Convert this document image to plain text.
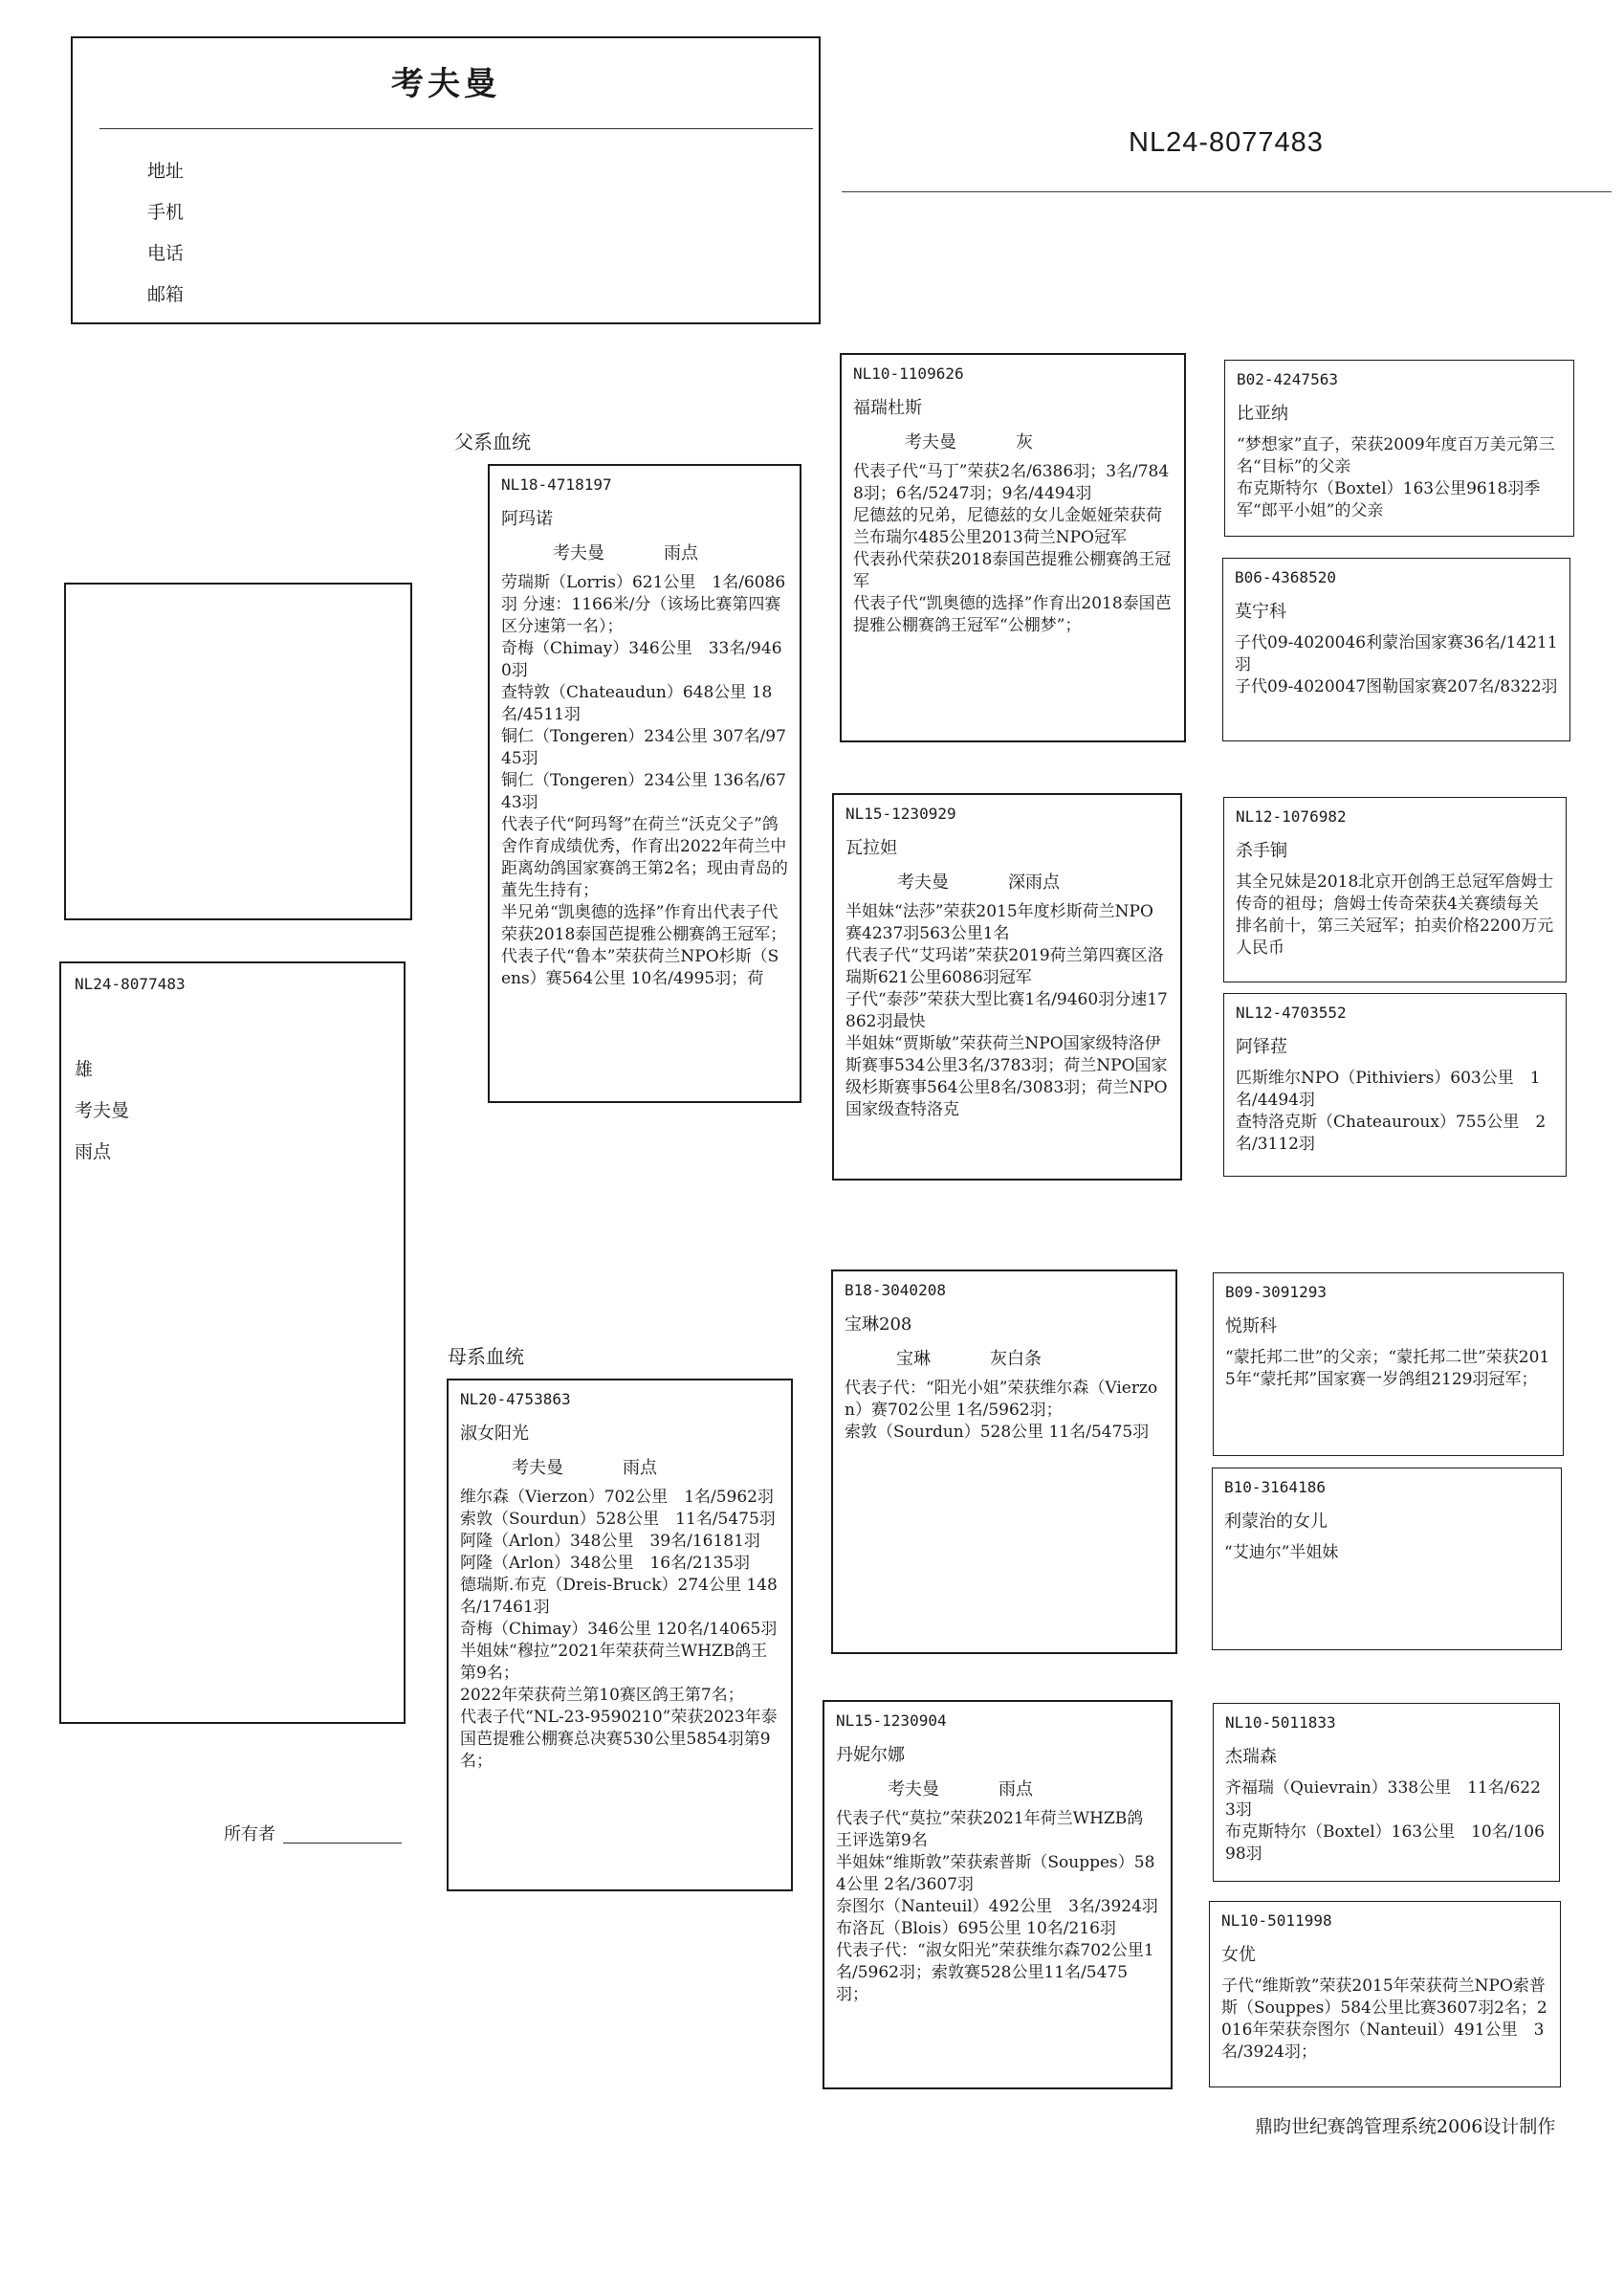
考夫曼
地址
手机
电话
邮箱
NL24-8077483
NL24-8077483
雄
考夫曼
雨点
父系血统
母系血统
NL18-4718197
阿玛诺
考夫曼	雨点
劳瑞斯（Lorris）621公里　1名/6086羽 分速：1166米/分（该场比赛第四赛区分速第一名）；
奇梅（Chimay）346公里　33名/9460羽
查特敦（Chateaudun）648公里 18名/4511羽
铜仁（Tongeren）234公里 307名/9745羽
铜仁（Tongeren）234公里 136名/6743羽
代表子代“阿玛弩”在荷兰“沃克父子”鸽舍作育成绩优秀，作育出2022年荷兰中距离幼鸽国家赛鸽王第2名；现由青岛的董先生持有；
半兄弟“凯奥德的选择”作育出代表子代荣获2018泰国芭提雅公棚赛鸽王冠军；
代表子代“鲁本”荣获荷兰NPO杉斯（Sens）赛564公里 10名/4995羽；荷
NL20-4753863
淑女阳光
考夫曼	雨点
维尔森（Vierzon）702公里　1名/5962羽
索敦（Sourdun）528公里　11名/5475羽
阿隆（Arlon）348公里　39名/16181羽
阿隆（Arlon）348公里　16名/2135羽
德瑞斯.布克（Dreis-Bruck）274公里 148名/17461羽
奇梅（Chimay）346公里 120名/14065羽
半姐妹“穆拉”2021年荣获荷兰WHZB鸽王第9名；
2022年荣获荷兰第10赛区鸽王第7名；
代表子代“NL-23-9590210”荣获2023年泰国芭提雅公棚赛总决赛530公里5854羽第9名；
NL10-1109626
福瑞杜斯
考夫曼	灰
代表子代“马丁”荣获2名/6386羽；3名/7848羽；6名/5247羽；9名/4494羽
尼德兹的兄弟，尼德兹的女儿金姬娅荣获荷兰布瑞尔485公里2013荷兰NPO冠军
代表孙代荣获2018泰国芭提雅公棚赛鸽王冠军
代表子代“凯奥德的选择”作育出2018泰国芭提雅公棚赛鸽王冠军“公棚梦”；
NL15-1230929
瓦拉妲
考夫曼	深雨点
半姐妹“法莎”荣获2015年度杉斯荷兰NPO赛4237羽563公里1名
代表子代“艾玛诺”荣获2019荷兰第四赛区洛瑞斯621公里6086羽冠军
子代“泰莎”荣获大型比赛1名/9460羽分速17862羽最快
半姐妹“贾斯敏”荣获荷兰NPO国家级特洛伊斯赛事534公里3名/3783羽；荷兰NPO国家级杉斯赛事564公里8名/3083羽；荷兰NPO国家级查特洛克
B18-3040208
宝琳208
宝琳	灰白条
代表子代：“阳光小姐”荣获维尔森（Vierzon）赛702公里 1名/5962羽；
索敦（Sourdun）528公里 11名/5475羽
NL15-1230904
丹妮尔娜
考夫曼	雨点
代表子代“莫拉”荣获2021年荷兰WHZB鸽王评选第9名
半姐妹“维斯敦”荣获索普斯（Souppes）584公里 2名/3607羽
奈图尔（Nanteuil）492公里　3名/3924羽
布洛瓦（Blois）695公里 10名/216羽
代表子代：“淑女阳光”荣获维尔森702公里1名/5962羽；索敦赛528公里11名/5475羽；
B02-4247563
比亚纳
“梦想家”直子，荣获2009年度百万美元第三名“目标”的父亲
布克斯特尔（Boxtel）163公里9618羽季军“郎平小姐”的父亲
B06-4368520
莫宁科
子代09-4020046利蒙治国家赛36名/14211羽
子代09-4020047图勒国家赛207名/8322羽
NL12-1076982
杀手锏
其全兄妹是2018北京开创鸽王总冠军詹姆士传奇的祖母；詹姆士传奇荣获4关赛绩每关排名前十，第三关冠军；拍卖价格2200万元人民币
NL12-4703552
阿铎菈
匹斯维尔NPO（Pithiviers）603公里　1名/4494羽
查特洛克斯（Chateauroux）755公里　2名/3112羽
B09-3091293
悦斯科
“蒙托邦二世”的父亲；“蒙托邦二世”荣获2015年“蒙托邦”国家赛一岁鸽组2129羽冠军；
B10-3164186
利蒙治的女儿
“艾迪尔”半姐妹
NL10-5011833
杰瑞森
齐福瑞（Quievrain）338公里　11名/6223羽
布克斯特尔（Boxtel）163公里　10名/10698羽
NL10-5011998
女优
子代“维斯敦”荣获2015年荣获荷兰NPO索普斯（Souppes）584公里比赛3607羽2名；2016年荣获奈图尔（Nanteuil）491公里　3名/3924羽；
所有者
鼎昀世纪赛鸽管理系统2006设计制作
